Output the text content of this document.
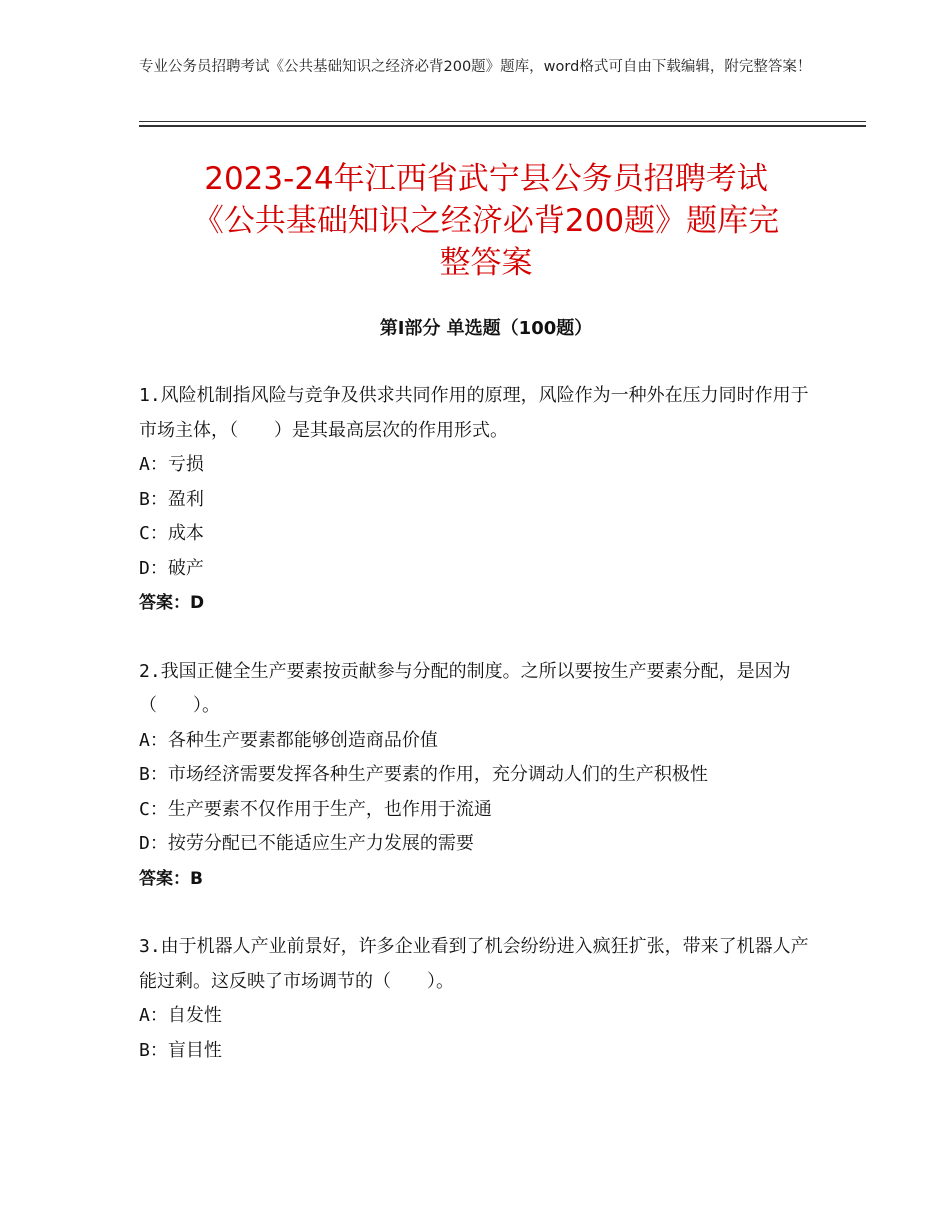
专业公务员招聘考试《公共基础知识之经济必背200题》题库，word格式可自由下载编辑，附完整答案！
2023-24年江西省武宁县公务员招聘考试
《公共基础知识之经济必背200题》题库完
整答案
第Ⅰ部分 单选题（100题）
1.风险机制指风险与竞争及供求共同作用的原理，风险作为一种外在压力同时作用于市场主体，（　　）是其最高层次的作用形式。
A：亏损
B：盈利
C：成本
D：破产
答案：D
2.我国正健全生产要素按贡献参与分配的制度。之所以要按生产要素分配，是因为（　　）。
A：各种生产要素都能够创造商品价值
B：市场经济需要发挥各种生产要素的作用，充分调动人们的生产积极性
C：生产要素不仅作用于生产，也作用于流通
D：按劳分配已不能适应生产力发展的需要
答案：B
3.由于机器人产业前景好，许多企业看到了机会纷纷进入疯狂扩张，带来了机器人产能过剩。这反映了市场调节的（　　）。
A：自发性
B：盲目性
